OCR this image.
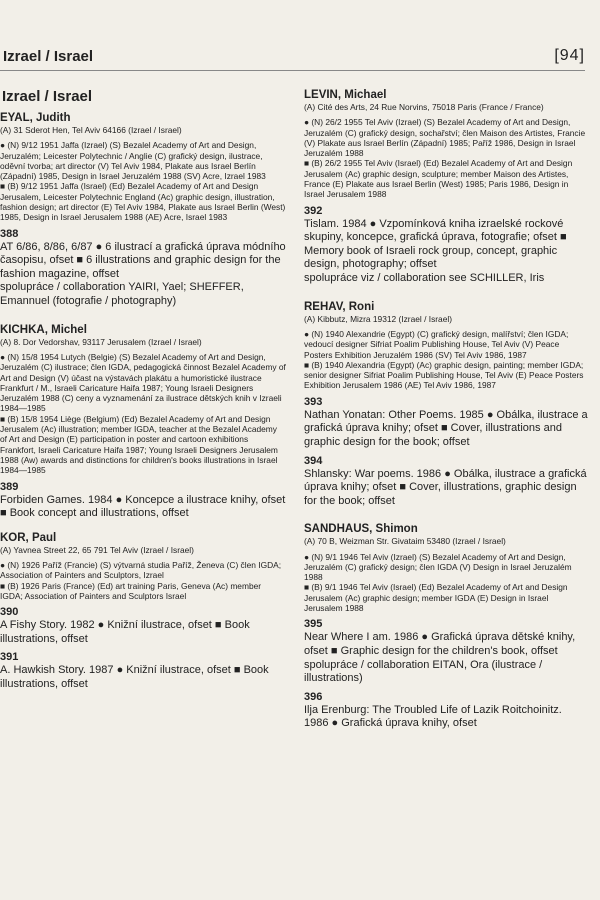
Izrael / Israel	[94]
Izrael / Israel
EYAL, Judith
(A) 31 Sderot Hen, Tel Aviv 64166 (Izrael / Israel)

● (N) 9/12 1951 Jaffa (Izrael) (S) Bezalel Academy of Art and Design, Jeruzalém; Leicester Polytechnic / Anglie (C) grafický design, ilustrace, oděvní tvorba; art director (V) Tel Aviv 1984, Plakate aus Israel Berlín (Západní) 1985, Design in Israel Jeruzalém 1988 (SV) Acre, Izrael 1983

■ (B) 9/12 1951 Jaffa (Israel) (Ed) Bezalel Academy of Art and Design Jerusalem, Leicester Polytechnic England (Ac) graphic design, illustration, fashion design; art director (E) Tel Aviv 1984, Plakate aus Israel Berlin (West) 1985, Design in Israel Jerusalem 1988 (AE) Acre, Israel 1983

388

AT 6/86, 8/86, 6/87 ● 6 ilustrací a grafická úprava módního časopisu, ofset ■ 6 illustrations and graphic design for the fashion magazine, offset

spolupráce / collaboration YAIRI, Yael; SHEFFER, Emannuel (fotografie / photography)

KICHKA, Michel
(A) 8. Dor Vedorshav, 93117 Jerusalem (Izrael / Israel)

● (N) 15/8 1954 Lutych (Belgie) (S) Bezalel Academy of Art and Design, Jeruzalém (C) ilustrace; člen IGDA, pedagogická činnost Bezalel Academy of Art and Design (V) účast na výstavách plakátu a humoristické ilustrace Frankfurt / M., Israeli Caricature Haifa 1987; Young Israeli Designers Jeruzalém 1988 (C) ceny a vyznamenání za ilustrace dětských knih v Izraeli 1984—1985

■ (B) 15/8 1954 Liège (Belgium) (Ed) Bezalel Academy of Art and Design Jerusalem (Ac) illustration; member IGDA, teacher at the Bezalel Academy of Art and Design (E) participation in poster and cartoon exhibitions Frankfort, Israeli Caricature Haifa 1987; Young Israeli Designers Jerusalem 1988 (Aw) awards and distinctions for children's books illustrations in Israel 1984—1985

389

Forbiden Games. 1984 ● Koncepce a ilustrace knihy, ofset ■ Book concept and illustrations, offset

KOR, Paul
(A) Yavnea Street 22, 65 791 Tel Aviv (Izrael / Israel)

● (N) 1926 Paříž (Francie) (S) výtvarná studia Paříž, Ženeva (C) člen IGDA; Association of Painters and Sculptors, Izrael

■ (B) 1926 Paris (France) (Ed) art training Paris, Geneva (Ac) member IGDA; Association of Painters and Sculptors Israel

390

A Fishy Story. 1982 ● Knižní ilustrace, ofset ■ Book illustrations, offset

391

A. Hawkish Story. 1987 ● Knižní ilustrace, ofset ■ Book illustrations, offset

LEVIN, Michael
(A) Cité des Arts, 24 Rue Norvins, 75018 Paris (France / France)

● (N) 26/2 1955 Tel Aviv (Izrael) (S) Bezalel Academy of Art and Design, Jeruzalém (C) grafický design, sochařství; člen Maison des Artistes, Francie (V) Plakate aus Israel Berlín (Západní) 1985; Paříž 1986, Design in Israel Jeruzalém 1988

■ (B) 26/2 1955 Tel Aviv (Israel) (Ed) Bezalel Academy of Art and Design Jerusalem (Ac) graphic design, sculpture; member Maison des Artistes, France (E) Plakate aus Israel Berlin (West) 1985; Paris 1986, Design in Israel Jerusalem 1988

392

Tislam. 1984 ● Vzpomínková kniha izraelské rockové skupiny, koncepce, grafická úprava, fotografie; ofset ■ Memory book of Israeli rock group, concept, graphic design, photography; offset

spolupráce viz / collaboration see SCHILLER, Iris

REHAV, Roni
(A) Kibbutz, Mizra 19312 (Izrael / Israel)

● (N) 1940 Alexandrie (Egypt) (C) grafický design, malířství; člen IGDA; vedoucí designer Sifriat Poalim Publishing House, Tel Aviv (V) Peace Posters Exhibition Jeruzalém 1986 (SV) Tel Aviv 1986, 1987

■ (B) 1940 Alexandria (Egypt) (Ac) graphic design, painting; member IGDA; senior designer Sifriat Poalim Publishing House, Tel Aviv (E) Peace Posters Exhibition Jerusalem 1986 (AE) Tel Aviv 1986, 1987

393

Nathan Yonatan: Other Poems. 1985 ● Obálka, ilustrace a grafická úprava knihy; ofset ■ Cover, illustrations and graphic design for the book; offset

394

Shlansky: War poems. 1986 ● Obálka, ilustrace a grafická úprava knihy; ofset ■ Cover, illustrations, graphic design for the book; offset

SANDHAUS, Shimon
(A) 70 B, Weizman Str. Givataim 53480 (Izrael / Israel)

● (N) 9/1 1946 Tel Aviv (Izrael) (S) Bezalel Academy of Art and Design, Jeruzalém (C) grafický design; člen IGDA (V) Design in Israel Jeruzalém 1988

■ (B) 9/1 1946 Tel Aviv (Israel) (Ed) Bezalel Academy of Art and Design Jerusalem (Ac) graphic design; member IGDA (E) Design in Israel Jerusalem 1988

395

Near Where I am. 1986 ● Grafická úprava dětské knihy, ofset ■ Graphic design for the children's book, offset

spolupráce / collaboration EITAN, Ora (ilustrace / illustrations)

396

Ilja Erenburg: The Troubled Life of Lazik Roitchoinitz. 1986 ● Grafická úprava knihy, ofset
